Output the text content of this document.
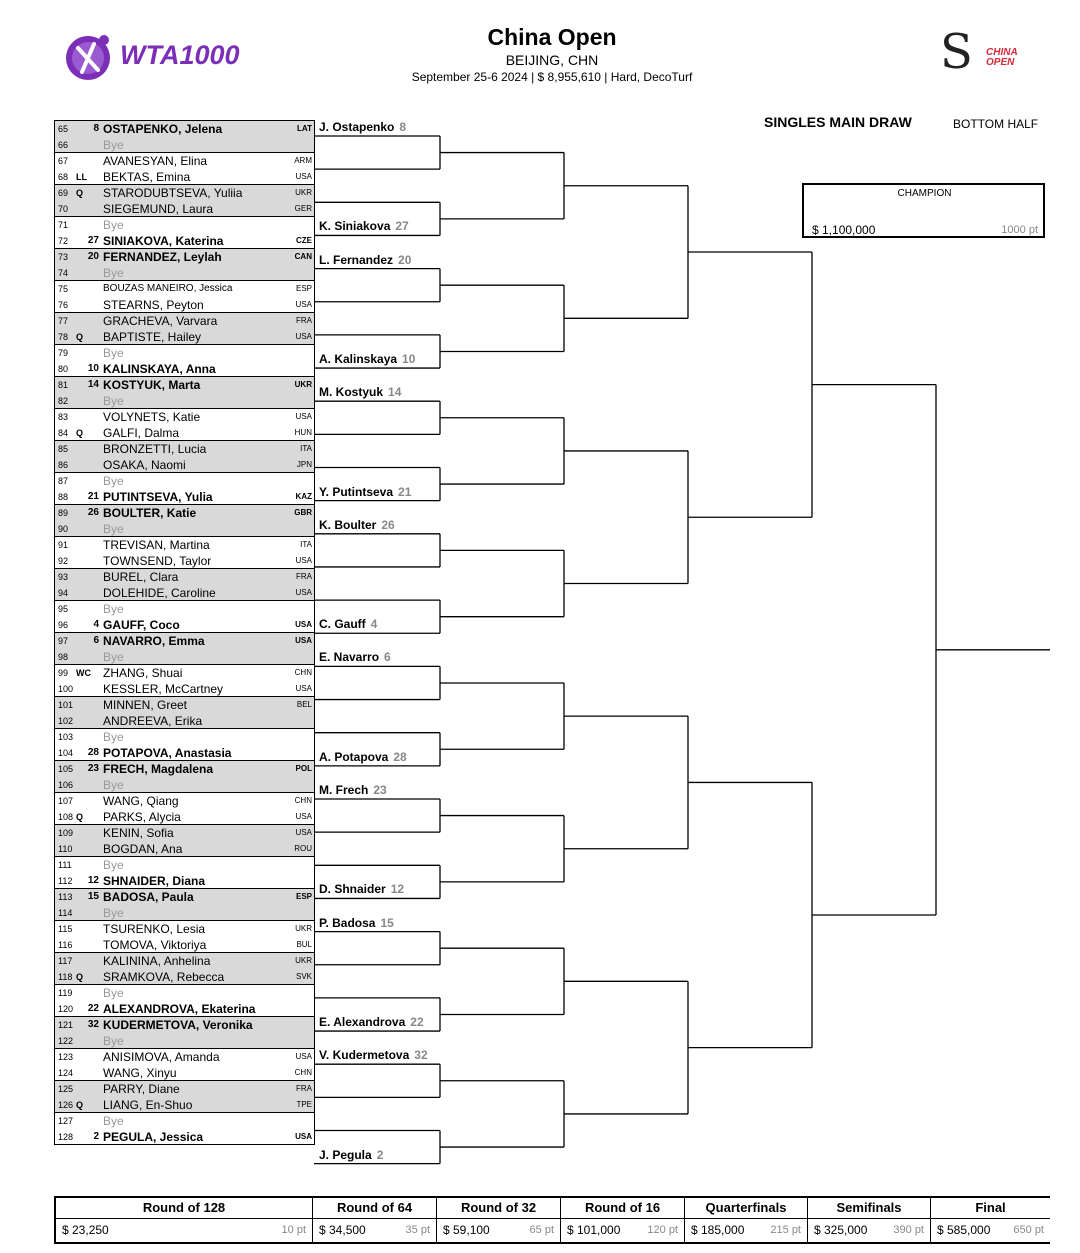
WTA1000	S CHINA
OPEN
China Open
BEIJING, CHN
September 25-6 2024 | $ 8,955,610 | Hard, DecoTurf
SINGLES MAIN DRAW	BOTTOM HALF
CHAMPION
$ 1,100,000	1000 pt
65	8 OSTAPENKO, Jelena	LAT
66	Bye
67	AVANESYAN, Elina	ARM
68 LL BEKTAS, Emina	USA
69 Q STARODUBTSEVA, Yuliia	UKR
70	SIEGEMUND, Laura	GER
71	Bye
72 27 SINIAKOVA, Katerina	CZE
73 20 FERNANDEZ, Leylah	CAN
74	Bye
75	BOUZAS MANEIRO, Jessica	ESP
76	STEARNS, Peyton	USA
77	GRACHEVA, Varvara	FRA
78 Q BAPTISTE, Hailey	USA
79	Bye
80 10 KALINSKAYA, Anna
81 14 KOSTYUK, Marta	UKR
82	Bye
83	VOLYNETS, Katie	USA
84 Q GALFI, Dalma	HUN
85	BRONZETTI, Lucia	ITA
86	OSAKA, Naomi	JPN
87	Bye
88 21 PUTINTSEVA, Yulia	KAZ
89 26 BOULTER, Katie	GBR
90	Bye
91	TREVISAN, Martina	ITA
92	TOWNSEND, Taylor	USA
93	BUREL, Clara	FRA
94	DOLEHIDE, Caroline	USA
95	Bye
96	4 GAUFF, Coco	USA
97	6 NAVARRO, Emma	USA
98	Bye
99 WC ZHANG, Shuai	CHN
100 KESSLER, McCartney	USA
101 MINNEN, Greet	BEL
102 ANDREEVA, Erika
103 Bye
104 28 POTAPOVA, Anastasia
105 23 FRECH, Magdalena	POL
106 Bye
107 WANG, Qiang	CHN
108 Q PARKS, Alycia	USA
109 KENIN, Sofia	USA
110	BOGDAN, Ana	ROU
111	Bye
112 12 SHNAIDER, Diana
113 15 BADOSA, Paula	ESP
114	Bye
115	TSURENKO, Lesia	UKR
116	TOMOVA, Viktoriya	BUL
117	KALININA, Anhelina	UKR
118 Q SRAMKOVA, Rebecca	SVK
119	Bye
120 22 ALEXANDROVA, Ekaterina
121 32 KUDERMETOVA, Veronika
122 Bye
123 ANISIMOVA, Amanda	USA
124 WANG, Xinyu	CHN
125 PARRY, Diane	FRA
126 Q LIANG, En-Shuo	TPE
127 Bye
128	2 PEGULA, Jessica	USA
J. Ostapenko 8
K. Siniakova 27
L. Fernandez 20
A. Kalinskaya 10
M. Kostyuk 14
Y. Putintseva 21
K. Boulter 26
C. Gauff 4
E. Navarro 6
A. Potapova 28
M. Frech 23
D. Shnaider 12
P. Badosa 15
E. Alexandrova 22
V. Kudermetova 32
J. Pegula 2
Round of 128
$ 23,250	10 pt
Round of 64
$ 34,500	35 pt
Round of 32
$ 59,100	65 pt
Round of 16
$ 101,000 120 pt
Quarterfinals
$ 185,000 215 pt
Semifinals
$ 325,000 390 pt
Final
$ 585,000 650 pt
